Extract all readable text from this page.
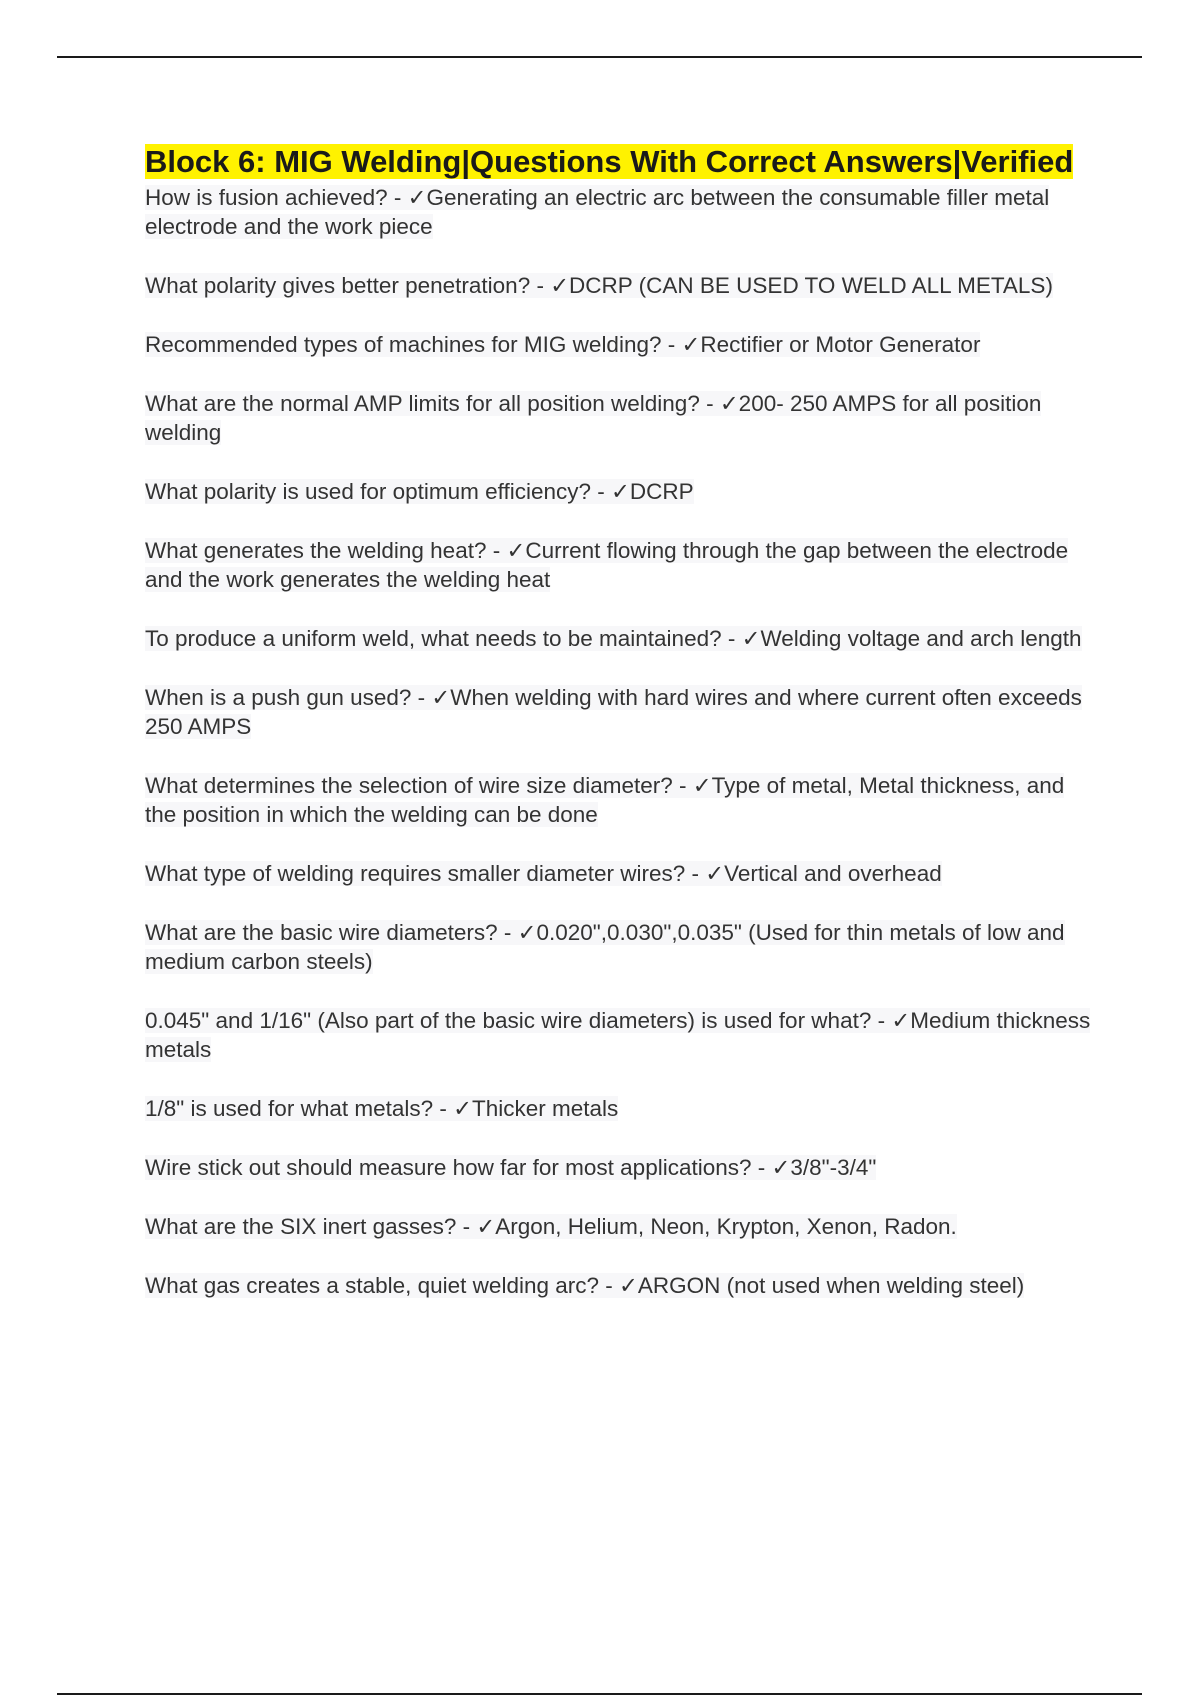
Block 6: MIG Welding|Questions With Correct Answers|Verified
How is fusion achieved? - ✓Generating an electric arc between the consumable filler metal electrode and the work piece
What polarity gives better penetration? - ✓DCRP (CAN BE USED TO WELD ALL METALS)
Recommended types of machines for MIG welding? - ✓Rectifier or Motor Generator
What are the normal AMP limits for all position welding? - ✓200- 250 AMPS for all position welding
What polarity is used for optimum efficiency? - ✓DCRP
What generates the welding heat? - ✓Current flowing through the gap between the electrode and the work generates the welding heat
To produce a uniform weld, what needs to be maintained? - ✓Welding voltage and arch length
When is a push gun used? - ✓When welding with hard wires and where current often exceeds 250 AMPS
What determines the selection of wire size diameter? - ✓Type of metal, Metal thickness, and the position in which the welding can be done
What type of welding requires smaller diameter wires? - ✓Vertical and overhead
What are the basic wire diameters? - ✓0.020",0.030",0.035" (Used for thin metals of low and medium carbon steels)
0.045" and 1/16" (Also part of the basic wire diameters) is used for what? - ✓Medium thickness metals
1/8" is used for what metals? - ✓Thicker metals
Wire stick out should measure how far for most applications? - ✓3/8"-3/4"
What are the SIX inert gasses? - ✓Argon, Helium, Neon, Krypton, Xenon, Radon.
What gas creates a stable, quiet welding arc? - ✓ARGON (not used when welding steel)
